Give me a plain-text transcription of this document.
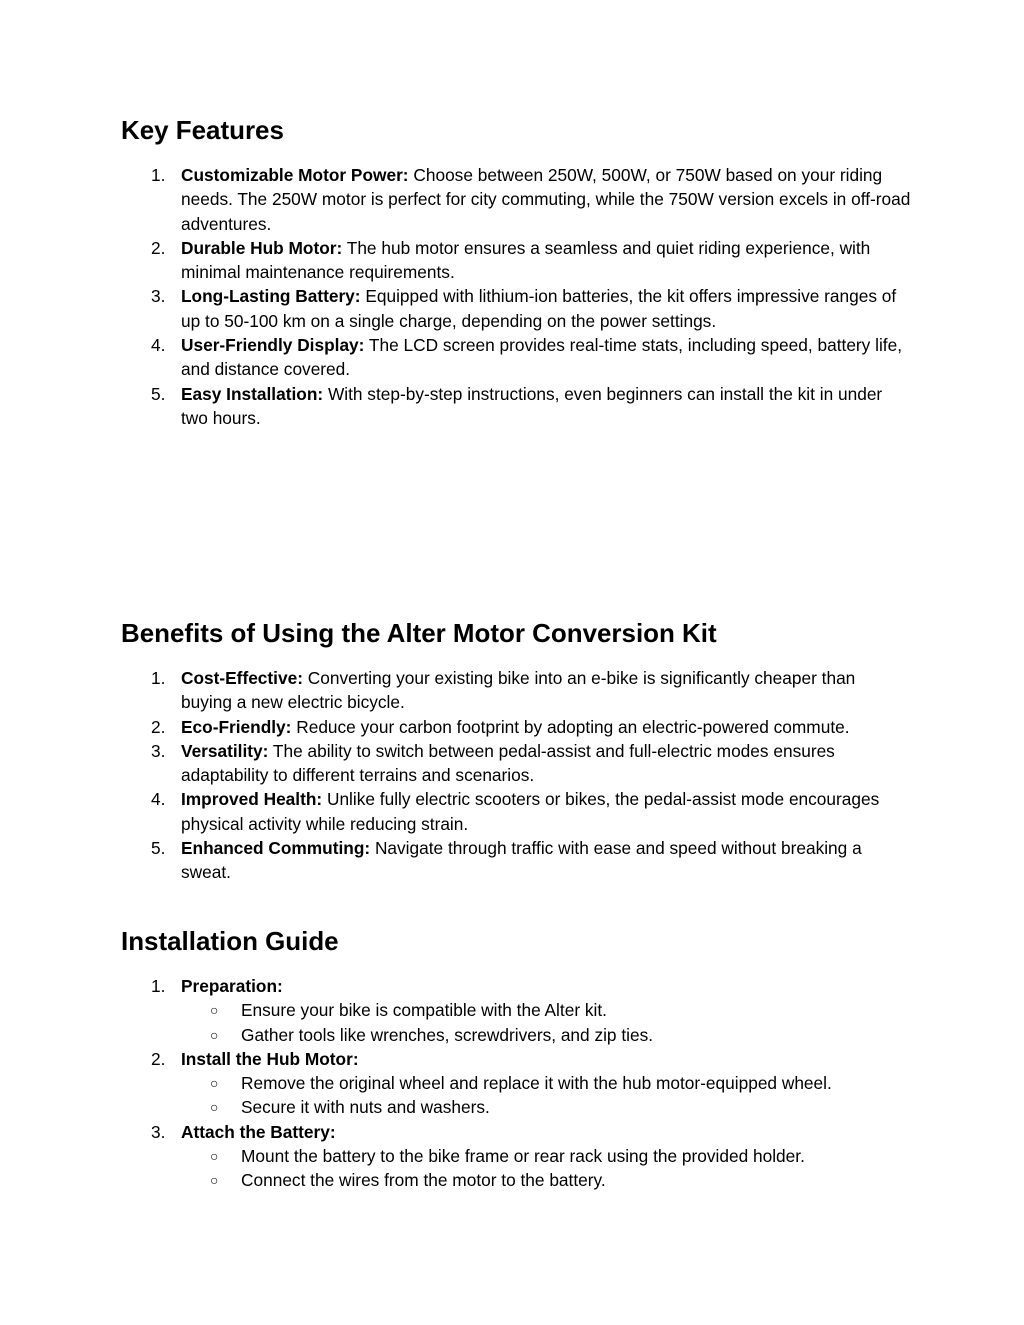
Key Features
1. Customizable Motor Power: Choose between 250W, 500W, or 750W based on your riding needs. The 250W motor is perfect for city commuting, while the 750W version excels in off-road adventures.
2. Durable Hub Motor: The hub motor ensures a seamless and quiet riding experience, with minimal maintenance requirements.
3. Long-Lasting Battery: Equipped with lithium-ion batteries, the kit offers impressive ranges of up to 50-100 km on a single charge, depending on the power settings.
4. User-Friendly Display: The LCD screen provides real-time stats, including speed, battery life, and distance covered.
5. Easy Installation: With step-by-step instructions, even beginners can install the kit in under two hours.
Benefits of Using the Alter Motor Conversion Kit
1. Cost-Effective: Converting your existing bike into an e-bike is significantly cheaper than buying a new electric bicycle.
2. Eco-Friendly: Reduce your carbon footprint by adopting an electric-powered commute.
3. Versatility: The ability to switch between pedal-assist and full-electric modes ensures adaptability to different terrains and scenarios.
4. Improved Health: Unlike fully electric scooters or bikes, the pedal-assist mode encourages physical activity while reducing strain.
5. Enhanced Commuting: Navigate through traffic with ease and speed without breaking a sweat.
Installation Guide
1. Preparation:
○ Ensure your bike is compatible with the Alter kit.
○ Gather tools like wrenches, screwdrivers, and zip ties.
2. Install the Hub Motor:
○ Remove the original wheel and replace it with the hub motor-equipped wheel.
○ Secure it with nuts and washers.
3. Attach the Battery:
○ Mount the battery to the bike frame or rear rack using the provided holder.
○ Connect the wires from the motor to the battery.
